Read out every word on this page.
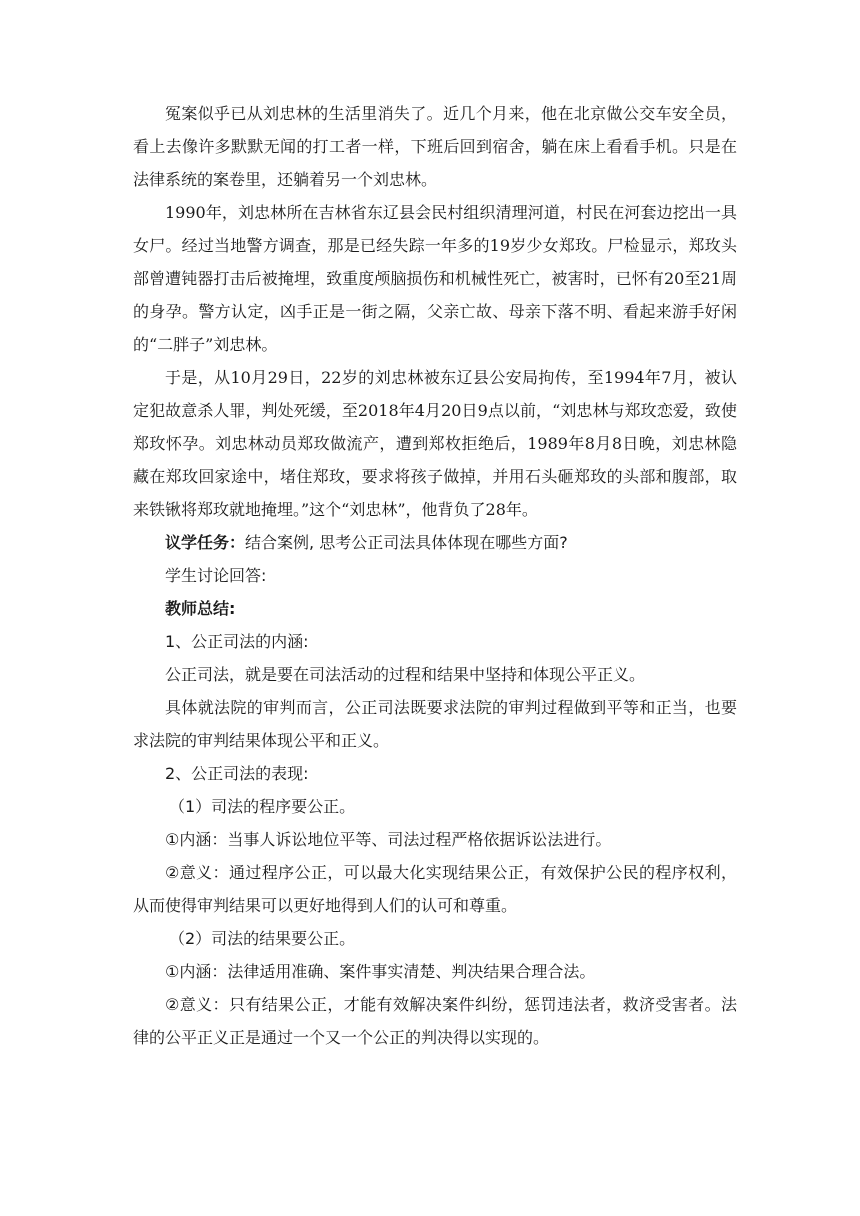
冤案似乎已从刘忠林的生活里消失了。近几个月来，他在北京做公交车安全员，看上去像许多默默无闻的打工者一样，下班后回到宿舍，躺在床上看看手机。只是在法律系统的案卷里，还躺着另一个刘忠林。

1990年，刘忠林所在吉林省东辽县会民村组织清理河道，村民在河套边挖出一具女尸。经过当地警方调查，那是已经失踪一年多的19岁少女郑玫。尸检显示，郑玫头部曾遭钝器打击后被掩埋，致重度颅脑损伤和机械性死亡，被害时，已怀有20至21周的身孕。警方认定，凶手正是一街之隔，父亲亡故、母亲下落不明、看起来游手好闲的“二胖子”刘忠林。

于是，从10月29日，22岁的刘忠林被东辽县公安局拘传，至1994年7月，被认定犯故意杀人罪，判处死缓，至2018年4月20日9点以前，“刘忠林与郑玫恋爱，致使郑玫怀孕。刘忠林动员郑玫做流产，遭到郑枚拒绝后，1989年8月8日晚，刘忠林隐藏在郑玫回家途中，堵住郑玫，要求将孩子做掉，并用石头砸郑玫的头部和腹部，取来铁锹将郑玫就地掩埋。”这个“刘忠林”，他背负了28年。

议学任务：结合案例, 思考公正司法具体体现在哪些方面?

学生讨论回答:

教师总结:

1、公正司法的内涵:

公正司法，就是要在司法活动的过程和结果中坚持和体现公平正义。

具体就法院的审判而言，公正司法既要求法院的审判过程做到平等和正当，也要求法院的审判结果体现公平和正义。

2、公正司法的表现:

（1）司法的程序要公正。

①内涵：当事人诉讼地位平等、司法过程严格依据诉讼法进行。

②意义：通过程序公正，可以最大化实现结果公正，有效保护公民的程序权利，从而使得审判结果可以更好地得到人们的认可和尊重。

（2）司法的结果要公正。

①内涵：法律适用准确、案件事实清楚、判决结果合理合法。

②意义：只有结果公正，才能有效解决案件纠纷，惩罚违法者，救济受害者。法律的公平正义正是通过一个又一个公正的判决得以实现的。
